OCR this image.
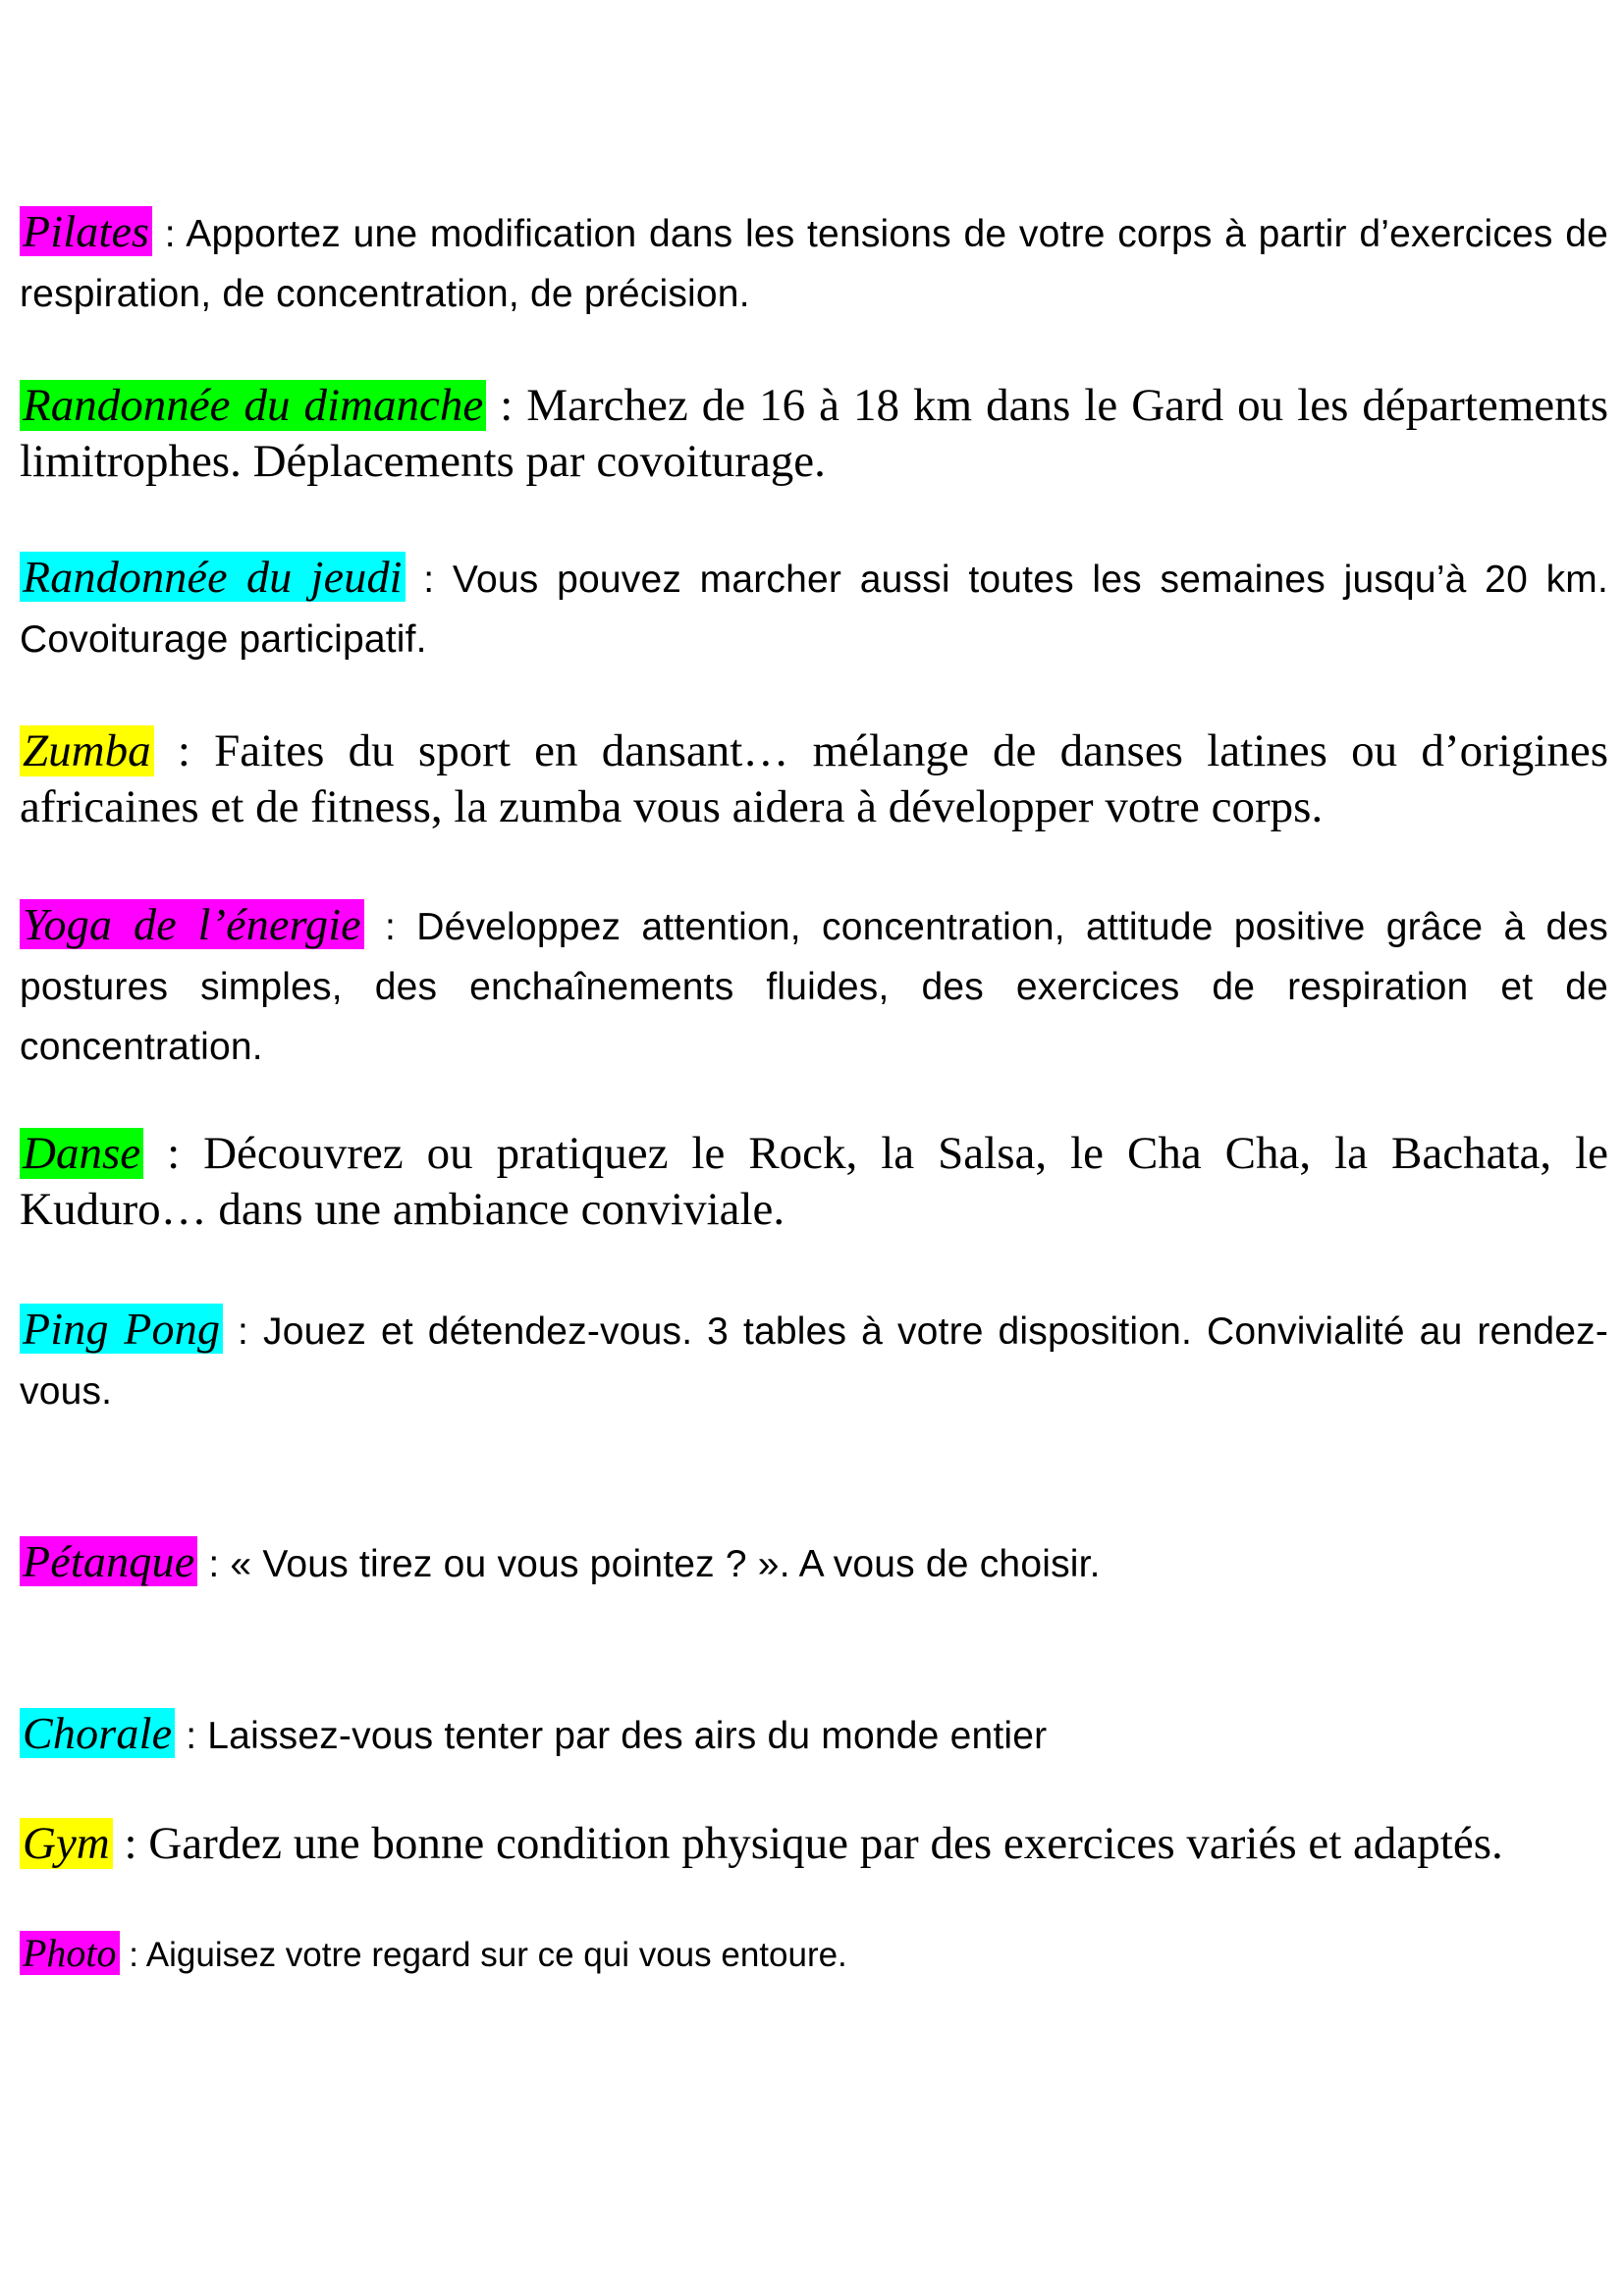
Pilates : Apportez une modification dans les tensions de votre corps à partir d’exercices de respiration, de concentration, de précision.

Randonnée du dimanche : Marchez de 16 à 18 km dans le Gard ou les départements limitrophes. Déplacements par covoiturage.

Randonnée du jeudi : Vous pouvez marcher aussi toutes les semaines jusqu’à 20 km. Covoiturage participatif.

Zumba : Faites du sport en dansant… mélange de danses latines ou d’origines africaines et de fitness, la zumba vous aidera à développer votre corps.

Yoga de l’énergie : Développez attention, concentration, attitude positive grâce à des postures simples, des enchaînements fluides, des exercices de respiration et de concentration.

Danse : Découvrez ou pratiquez le Rock, la Salsa, le Cha Cha, la Bachata, le Kuduro… dans une ambiance conviviale.

Ping Pong : Jouez et détendez-vous. 3 tables à votre disposition. Convivialité au rendez-vous.

Pétanque : « Vous tirez ou vous pointez ? ». A vous de choisir.

Chorale : Laissez-vous tenter par des airs du monde entier

Gym : Gardez une bonne condition physique par des exercices variés et adaptés.

Photo : Aiguisez votre regard sur ce qui vous entoure.
